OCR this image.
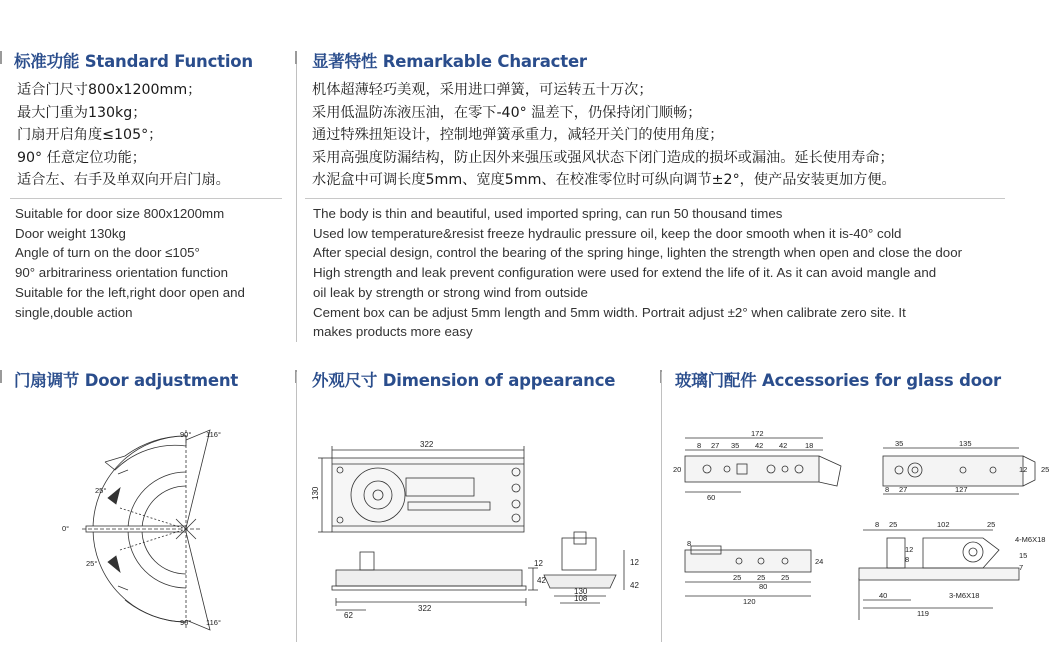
标准功能 Standard Function	显著特性 Remarkable Character
适合门尺寸800x1200mm；
最大门重为130kg；
门扇开启角度≤105°；
90° 任意定位功能；
适合左、右手及单双向开启门扇。
Suitable for door size 800x1200mm
Door weight 130kg
Angle of turn on the door ≤105°
90° arbitrariness orientation function
Suitable for the left,right door open and
single,double action
机体超薄轻巧美观，采用进口弹簧，可运转五十万次；
采用低温防冻液压油，在零下-40° 温差下，仍保持闭门顺畅；
通过特殊扭矩设计，控制地弹簧承重力，减轻开关门的使用角度；
采用高强度防漏结构，防止因外来强压或强风状态下闭门造成的损坏或漏油。延长使用寿命；
水泥盒中可调长度5mm、宽度5mm、在校准零位时可纵向调节±2°，使产品安装更加方便。
The body is thin and beautiful, used imported spring, can run 50 thousand times
Used low temperature&resist freeze hydraulic pressure oil, keep the door smooth when it is-40° cold
After special design, control the bearing of the spring hinge, lighten the strength when open and close the door
High strength and leak prevent configuration were used for extend the life of it. As it can avoid mangle and
oil leak by strength or strong wind from outside
Cement box can be adjust 5mm length and 5mm width. Portrait adjust ±2° when calibrate zero site. It
makes products more easy
门扇调节 Door adjustment	外观尺寸 Dimension of appearance	玻璃门配件 Accessories for glass door
90° 116°
25°
0°
25°
90° 116°
322
130
12
42
62
322
130
108
42
12
172
8 27 35 42 42 18
20
60
35	135
12 25
8 27	127
8
24
25 25 25
80
120
8 25	102	25
4-M6X18
15
12
8
7
40	3-M6X18
119
